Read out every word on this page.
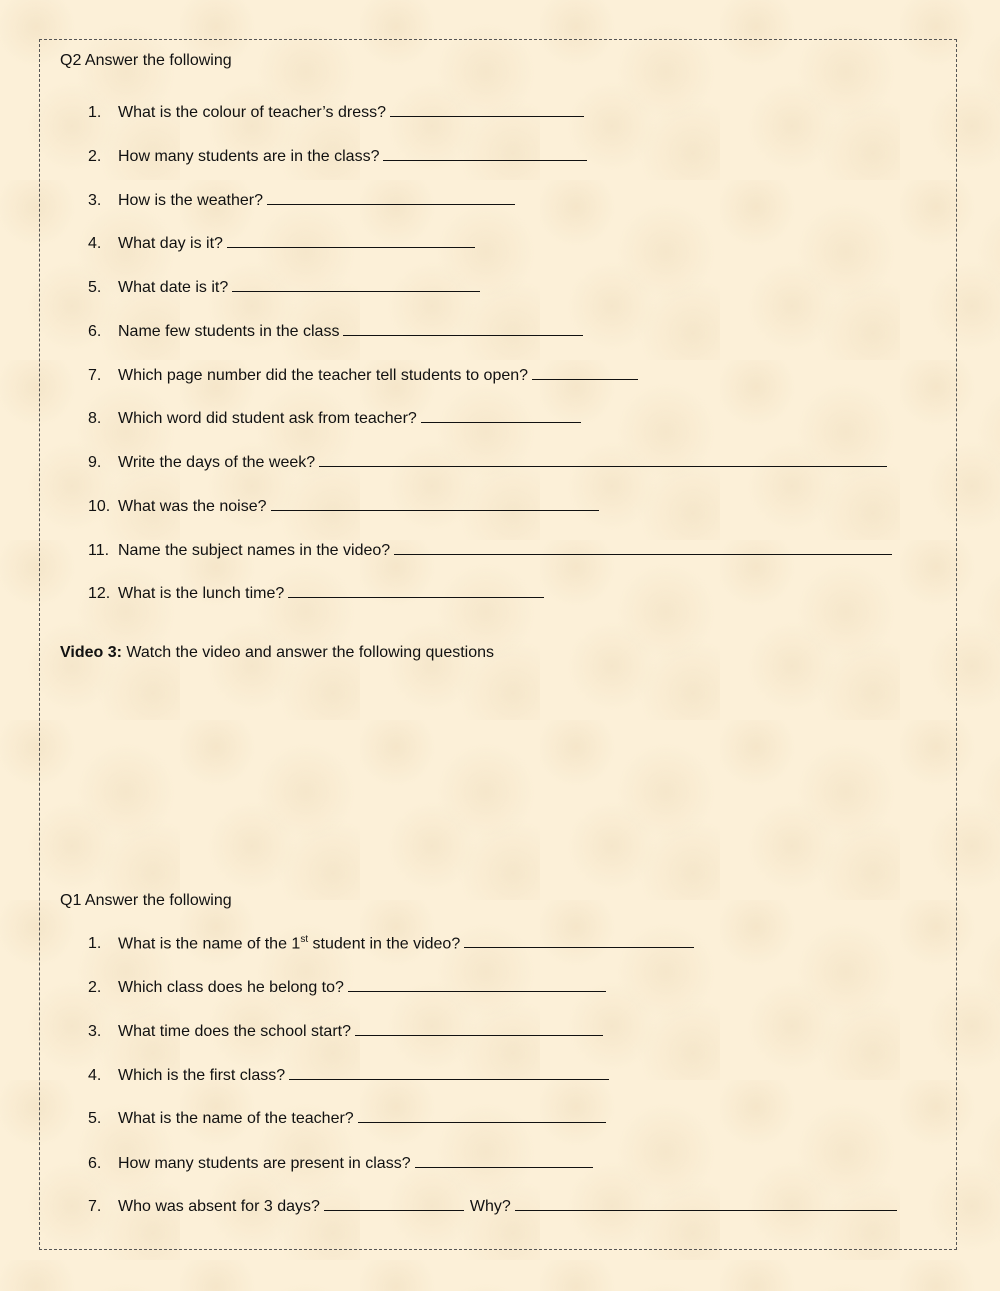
Q2 Answer the following
1.	What is the colour of teacher’s dress?
2.	How many students are in the class?
3.	How is the weather?
4.	What day is it?
5.	What date is it?
6.	Name few students in the class
7.	Which page number did the teacher tell students to open?
8.	Which word did student ask from teacher?
9.	Write the days of the week?
10. What was the noise?
11. Name the subject names in the video?
12. What is the lunch time?
Video 3: Watch the video and answer the following questions
Q1 Answer the following
1.	What is the name of the 1st student in the video?
2.	Which class does he belong to?
3.	What time does the school start?
4.	Which is the first class?
5.	What is the name of the teacher?
6.	How many students are present in class?
7.	Who was absent for 3 days?	Why?
